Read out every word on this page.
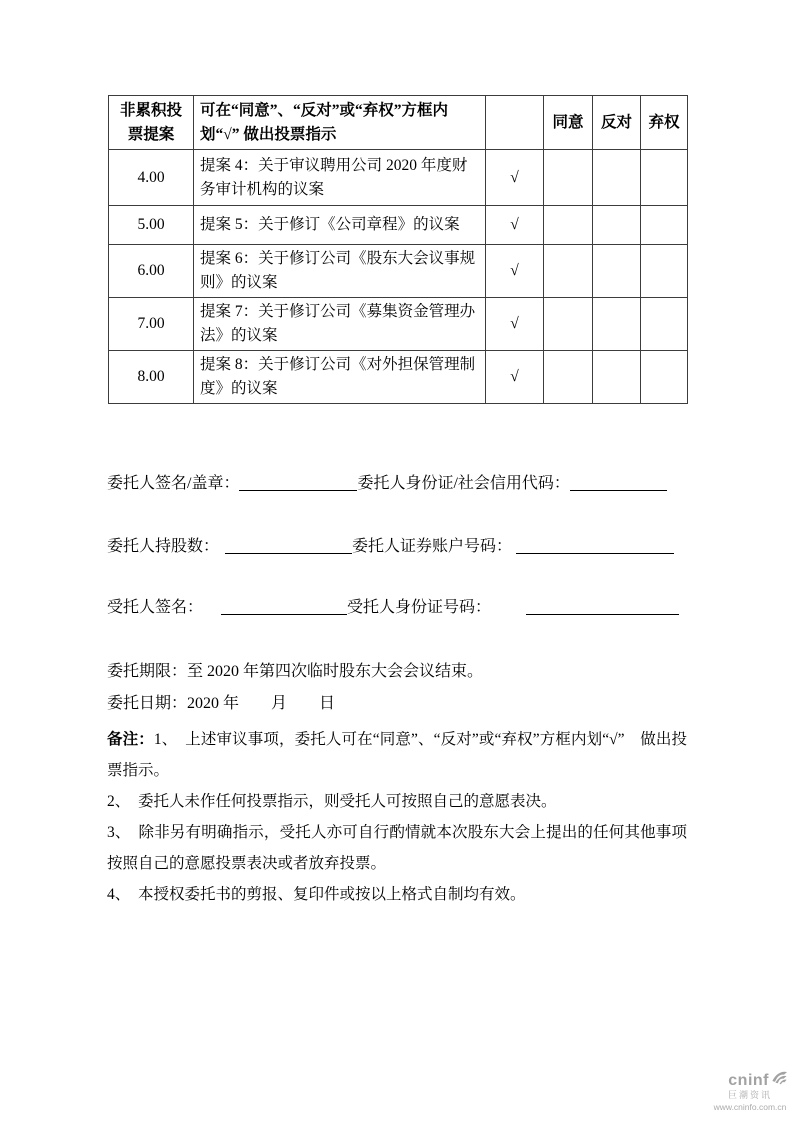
非累积投票提案	可在“同意”、“反对”或“弃权”方框内划“√” 做出投票指示		同意	反对	弃权
4.00	提案 4：关于审议聘用公司 2020 年度财务审计机构的议案	√			
5.00	提案 5：关于修订《公司章程》的议案	√			
6.00	提案 6：关于修订公司《股东大会议事规则》的议案	√			
7.00	提案 7：关于修订公司《募集资金管理办法》的议案	√			
8.00	提案 8：关于修订公司《对外担保管理制度》的议案	√			
委托人签名/盖章：	委托人身份证/社会信用代码：
委托人持股数：	委托人证券账户号码：
受托人签名：	受托人身份证号码：
委托期限：至 2020 年第四次临时股东大会会议结束。
委托日期：2020 年　　月　　日

备注：1、　上述审议事项，委托人可在“同意”、“反对”或“弃权”方框内划“√”　做出投票指示。

2、　委托人未作任何投票指示，则受托人可按照自己的意愿表决。

3、　除非另有明确指示，受托人亦可自行酌情就本次股东大会上提出的任何其他事项按照自己的意愿投票表决或者放弃投票。

4、　本授权委托书的剪报、复印件或按以上格式自制均有效。

cninf
巨潮资讯
www.cninfo.com.cn
